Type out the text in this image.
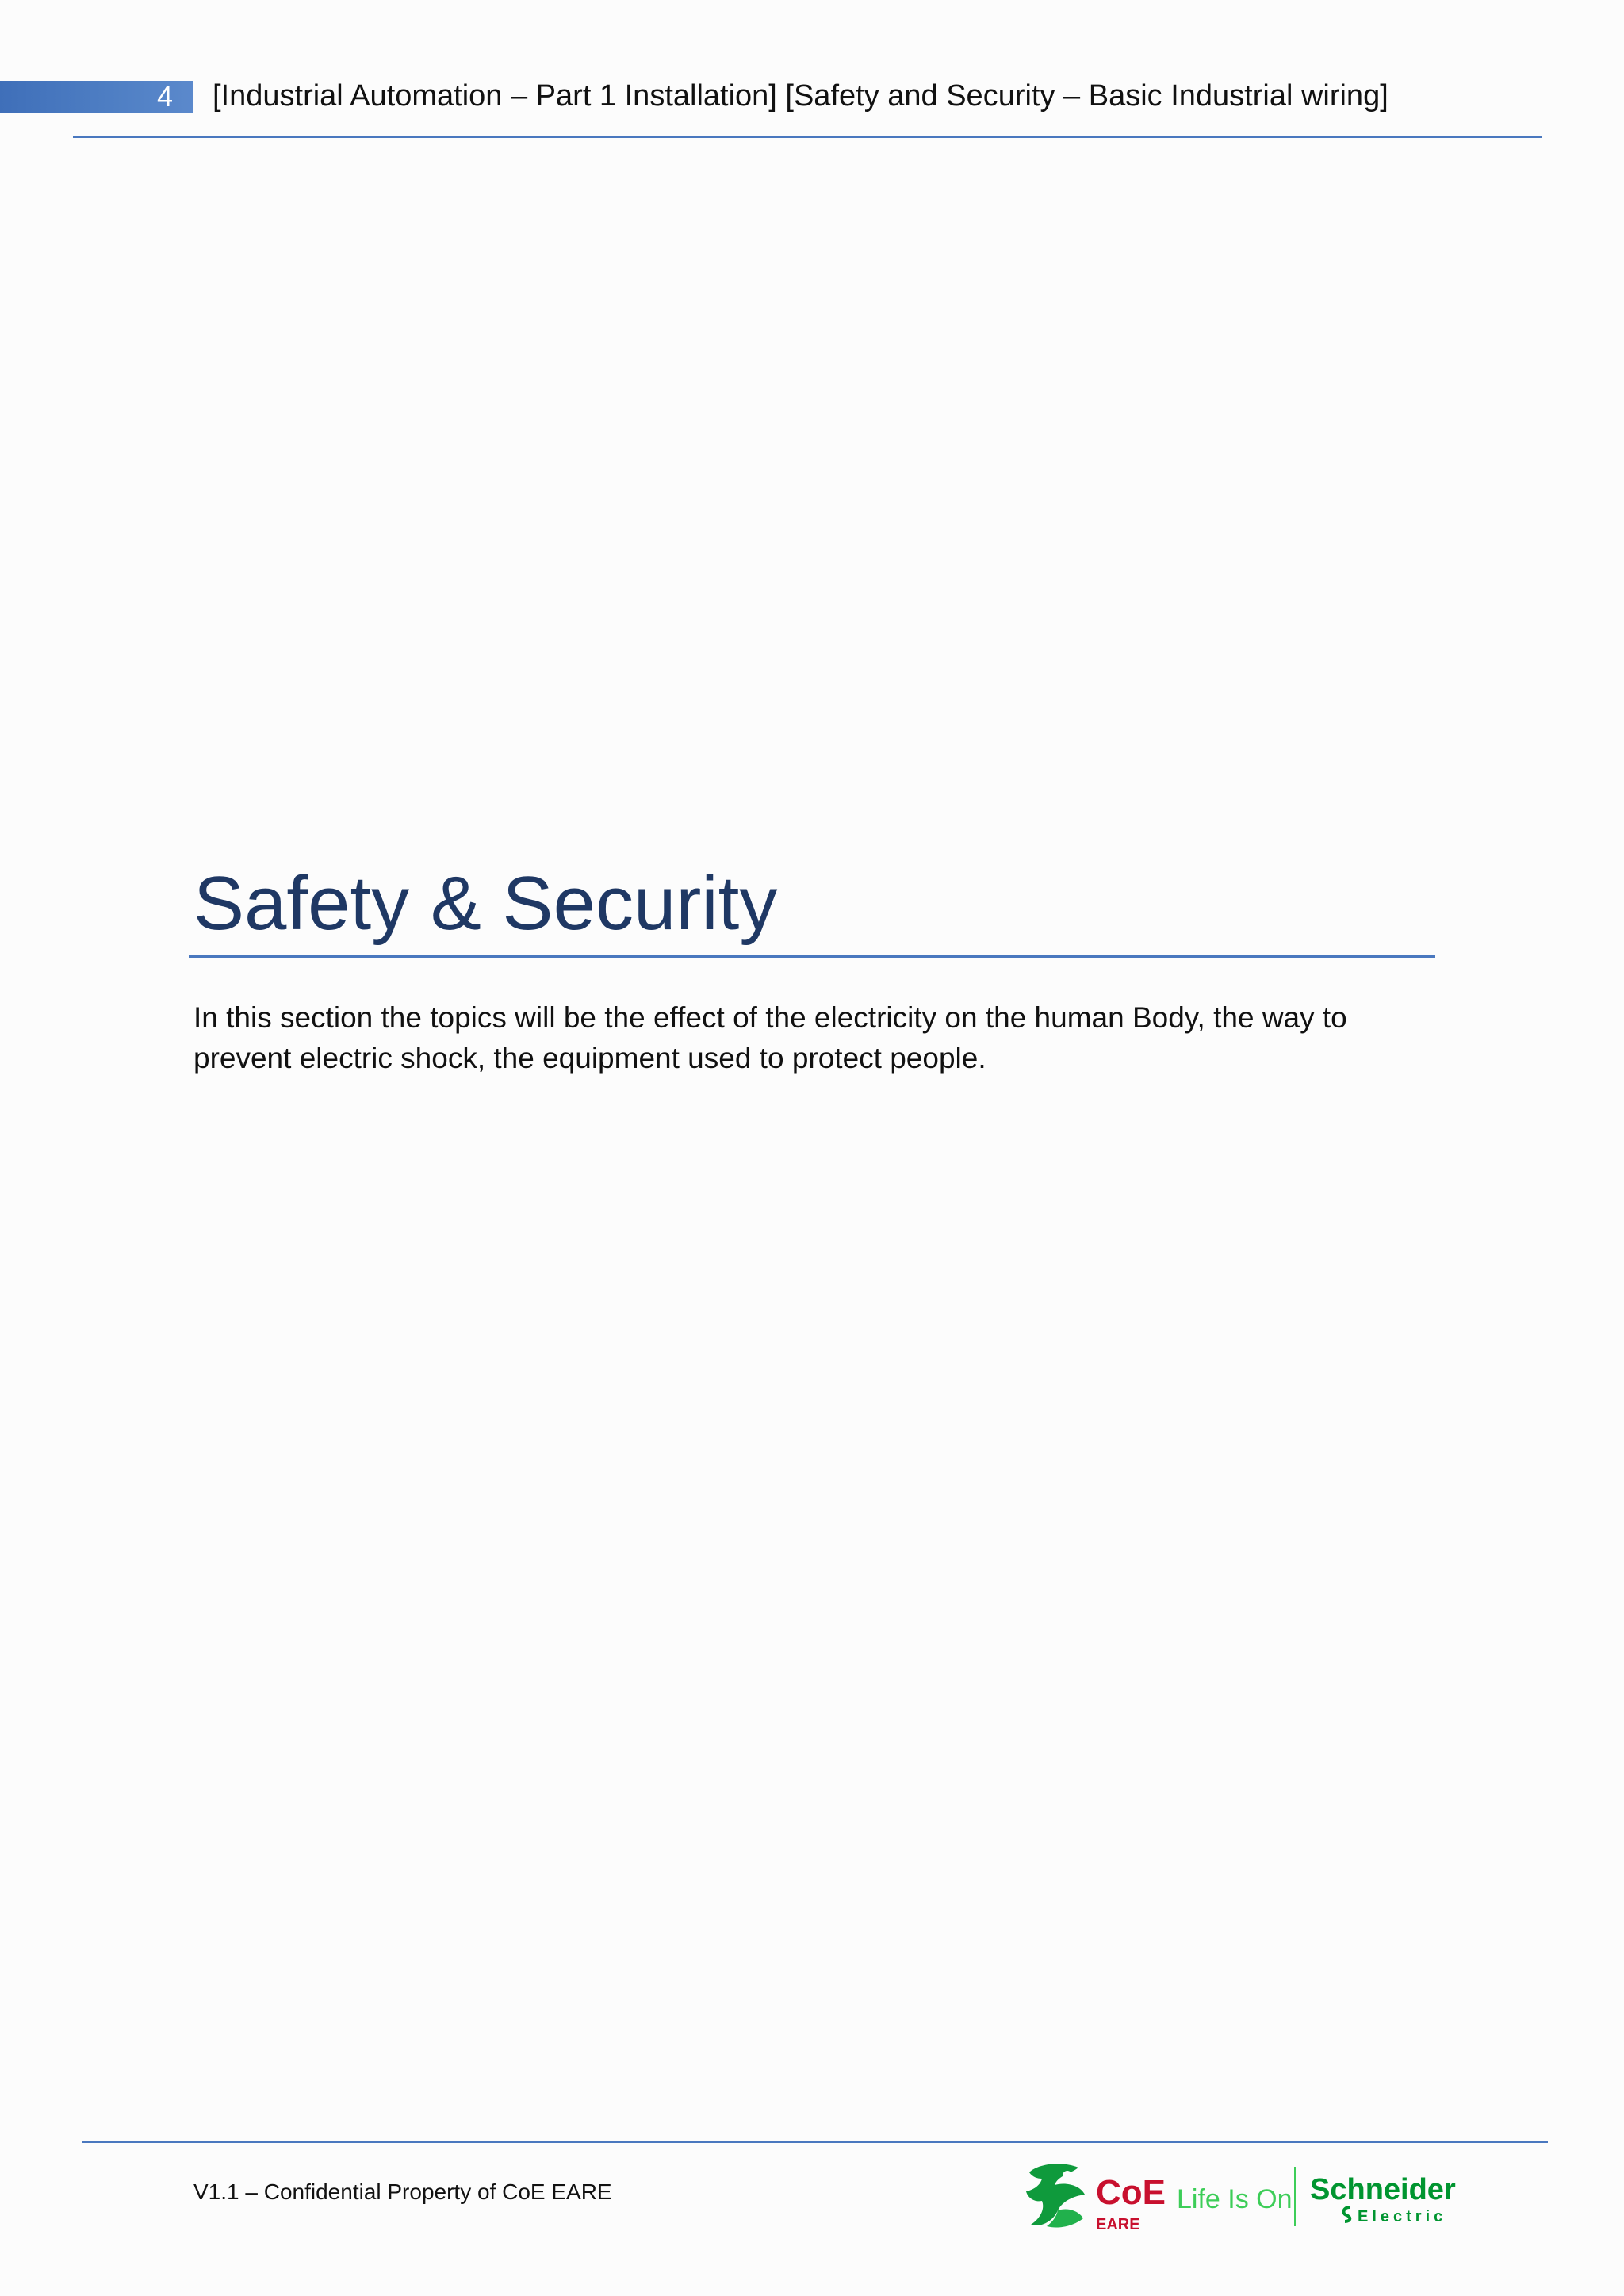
4 [Industrial Automation – Part 1 Installation] [Safety and Security – Basic Industrial wiring]
Safety & Security

In this section the topics will be the effect of the electricity on the human Body, the way to prevent electric shock, the equipment used to protect people.

V1.1 – Confidential Property of CoE EARE	CoE
EARE
Life Is On Schneider
Electric
